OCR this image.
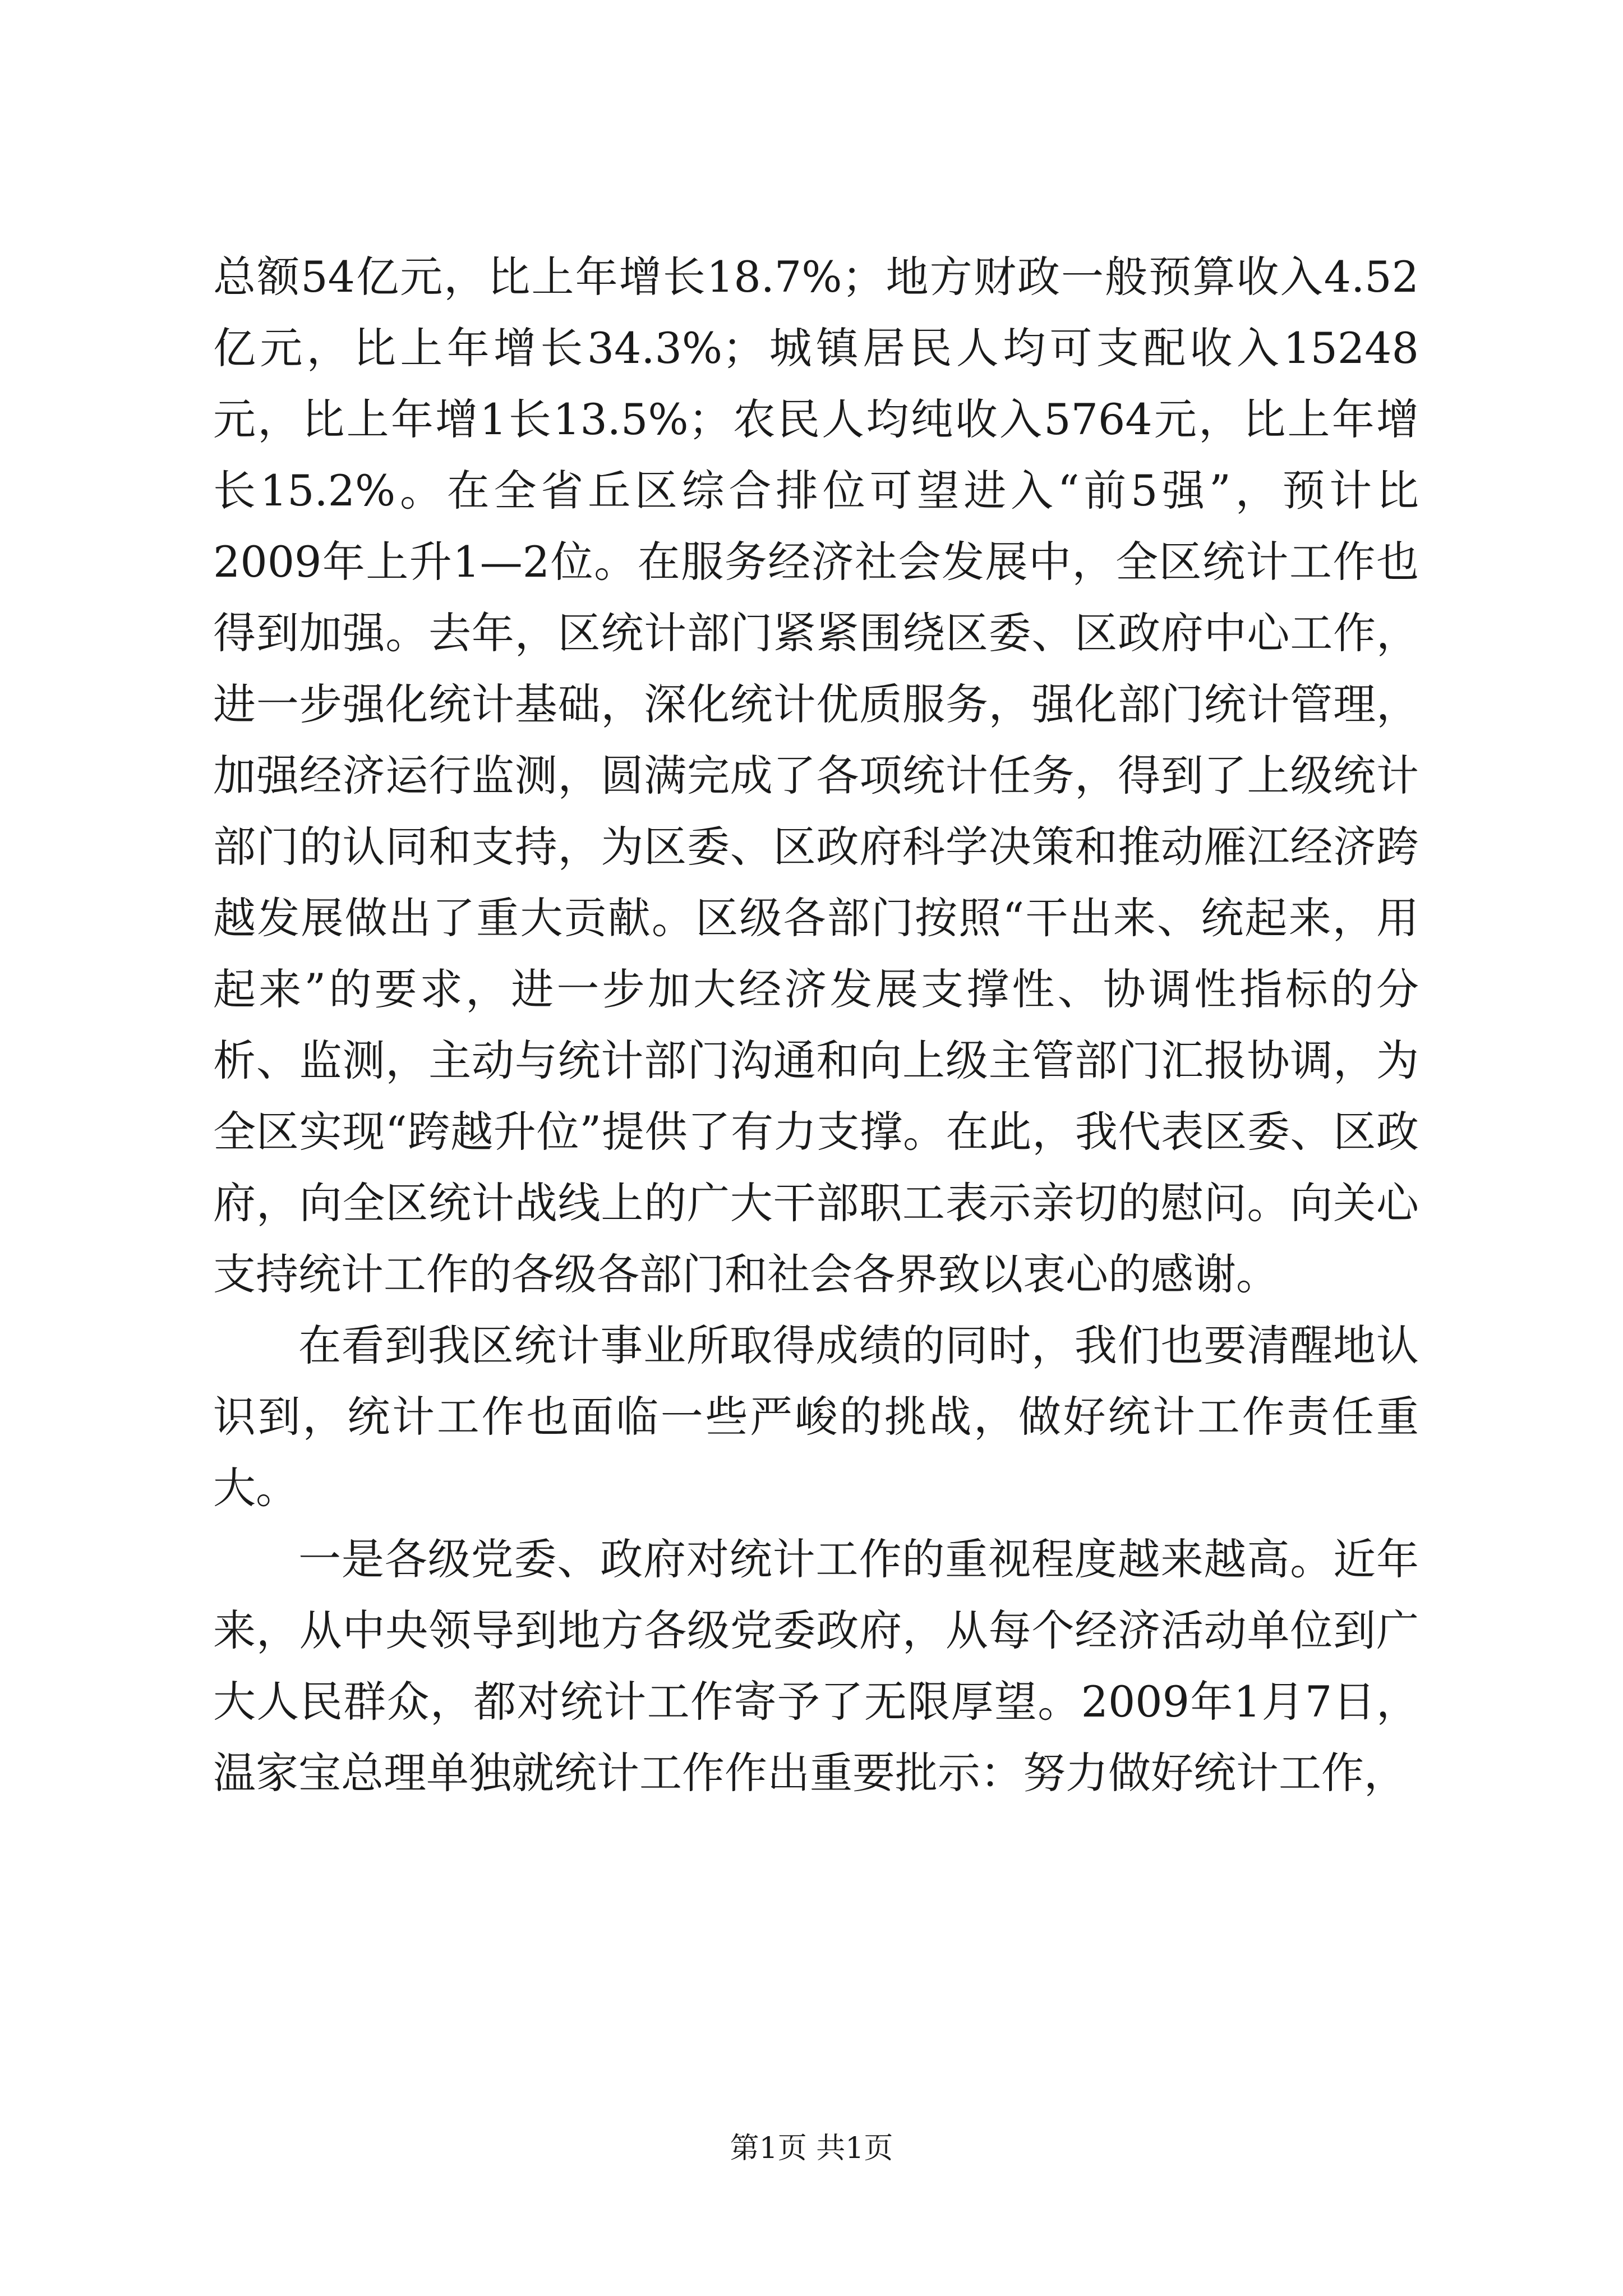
总额54亿元，比上年增长18.7%；地方财政一般预算收入4.52亿元，比上年增长34.3%；城镇居民人均可支配收入15248元，比上年增1长13.5%；农民人均纯收入5764元，比上年增长15.2%。在全省丘区综合排位可望进入“前5强”，预计比2009年上升1—2位。在服务经济社会发展中，全区统计工作也得到加强。去年，区统计部门紧紧围绕区委、区政府中心工作，进一步强化统计基础，深化统计优质服务，强化部门统计管理，加强经济运行监测，圆满完成了各项统计任务，得到了上级统计部门的认同和支持，为区委、区政府科学决策和推动雁江经济跨越发展做出了重大贡献。区级各部门按照“干出来、统起来，用起来”的要求，进一步加大经济发展支撑性、协调性指标的分析、监测，主动与统计部门沟通和向上级主管部门汇报协调，为全区实现“跨越升位”提供了有力支撑。在此，我代表区委、区政府，向全区统计战线上的广大干部职工表示亲切的慰问。向关心支持统计工作的各级各部门和社会各界致以衷心的感谢。

在看到我区统计事业所取得成绩的同时，我们也要清醒地认识到，统计工作也面临一些严峻的挑战，做好统计工作责任重大。

一是各级党委、政府对统计工作的重视程度越来越高。近年来，从中央领导到地方各级党委政府，从每个经济活动单位到广大人民群众，都对统计工作寄予了无限厚望。2009年1月7日，温家宝总理单独就统计工作作出重要批示：努力做好统计工作，

第1页 共1页
